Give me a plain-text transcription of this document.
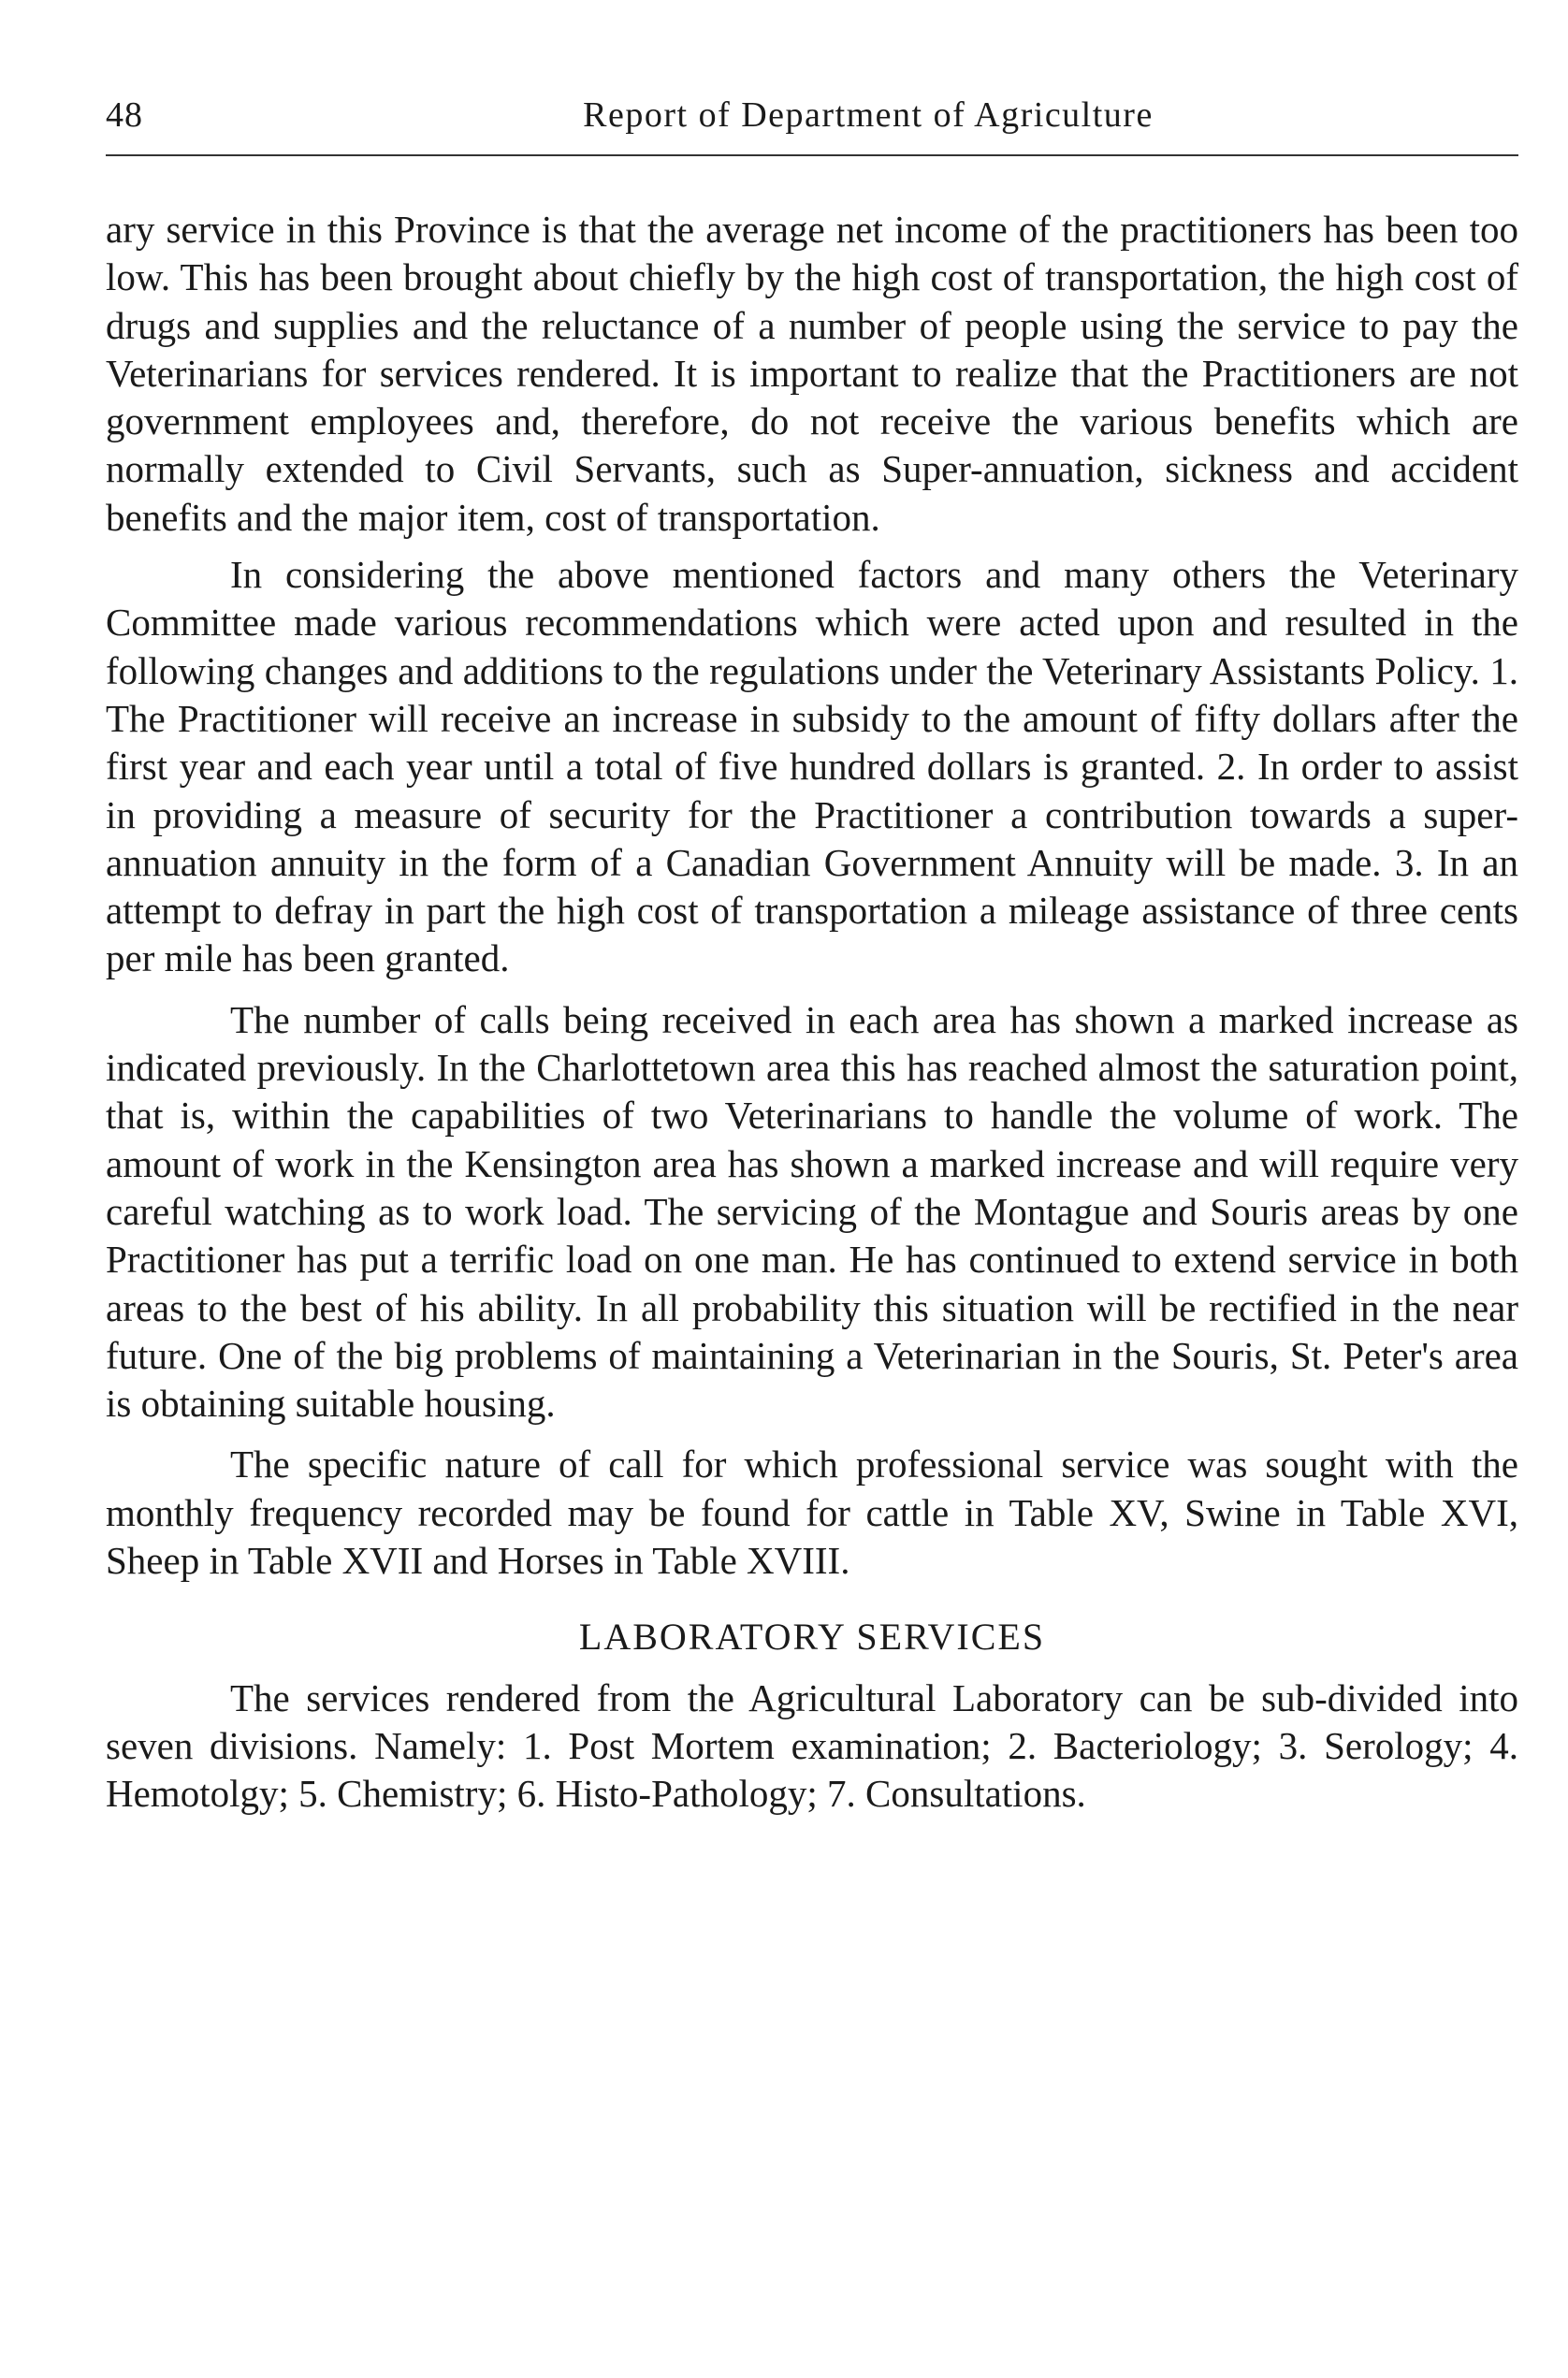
48	Report of Department of Agriculture

ary service in this Province is that the average net income of the practitioners has been too low. This has been brought about chiefly by the high cost of transportation, the high cost of drugs and supplies and the reluctance of a number of people using the service to pay the Veterinarians for services rendered. It is important to realize that the Practitioners are not government employees and, therefore, do not receive the various benefits which are normally extended to Civil Servants, such as Super-annuation, sickness and accident benefits and the major item, cost of transportation.

In considering the above mentioned factors and many others the Veterinary Committee made various recommendations which were acted upon and resulted in the following changes and additions to the regulations under the Veterinary Assistants Policy. 1. The Practitioner will receive an increase in subsidy to the amount of fifty dollars after the first year and each year until a total of five hundred dollars is granted. 2. In order to assist in providing a measure of security for the Practitioner a contribution towards a super-annuation annuity in the form of a Canadian Government Annuity will be made. 3. In an attempt to defray in part the high cost of transportation a mileage assistance of three cents per mile has been granted.

The number of calls being received in each area has shown a marked increase as indicated previously. In the Charlottetown area this has reached almost the saturation point, that is, within the capabilities of two Veterinarians to handle the volume of work. The amount of work in the Kensington area has shown a marked increase and will require very careful watching as to work load. The servicing of the Montague and Souris areas by one Practitioner has put a terrific load on one man. He has continued to extend service in both areas to the best of his ability. In all probability this situation will be rectified in the near future. One of the big problems of maintaining a Veterinarian in the Souris, St. Peter's area is obtaining suitable housing.

The specific nature of call for which professional service was sought with the monthly frequency recorded may be found for cattle in Table XV, Swine in Table XVI, Sheep in Table XVII and Horses in Table XVIII.

LABORATORY SERVICES

The services rendered from the Agricultural Laboratory can be sub-divided into seven divisions. Namely: 1. Post Mortem examination; 2. Bacteriology; 3. Serology; 4. Hemotolgy; 5. Chemistry; 6. Histo-Pathology; 7. Consultations.
